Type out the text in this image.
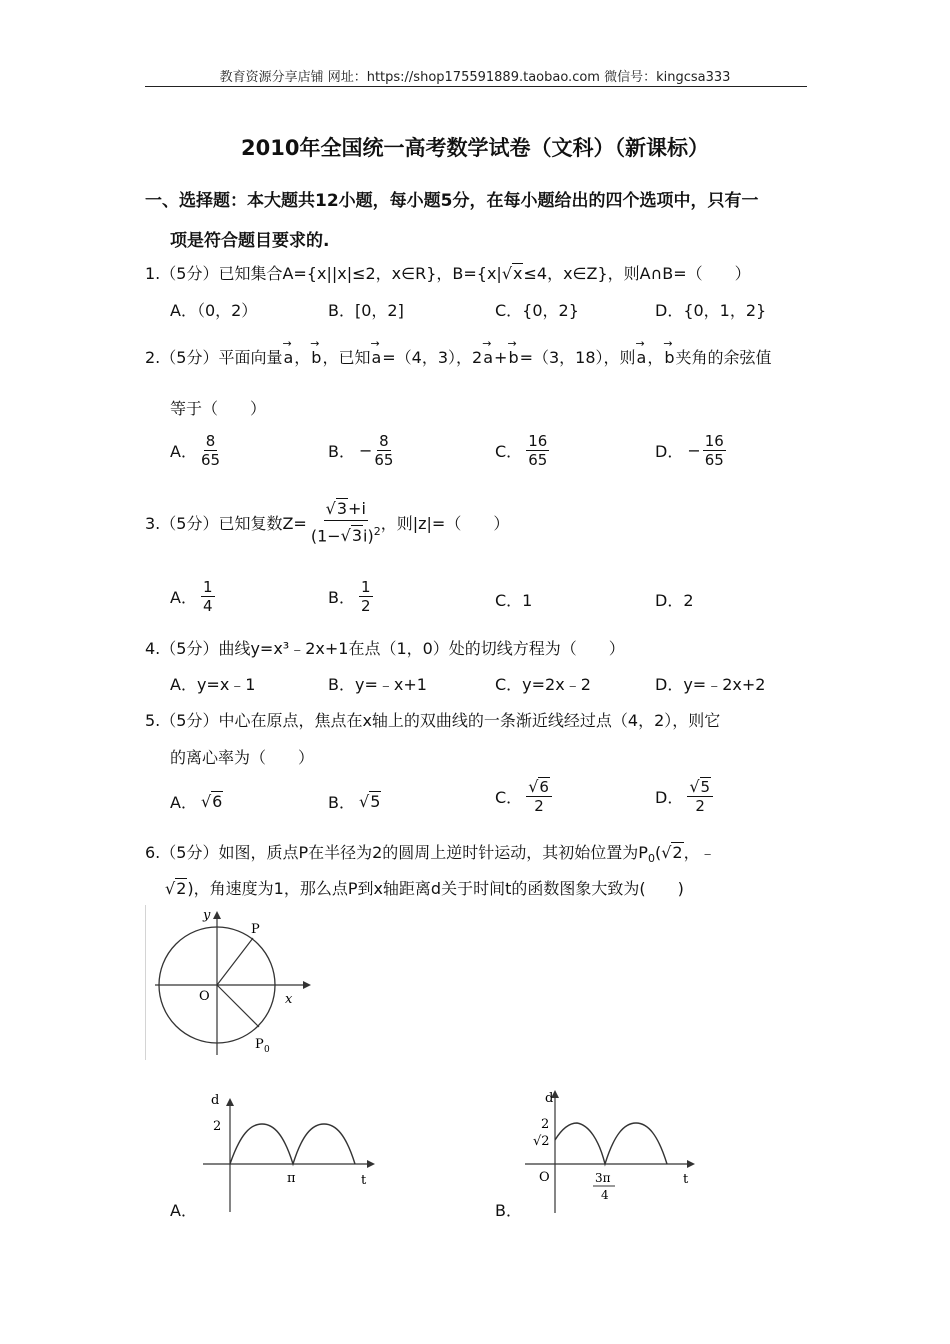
教育资源分享店铺 网址：https://shop175591889.taobao.com 微信号：kingcsa333
2010年全国统一高考数学试卷（文科）（新课标）
一、选择题：本大题共12小题，每小题5分，在每小题给出的四个选项中，只有一
项是符合题目要求的.
1.（5分）已知集合A={x||x|≤2，x∈R}，B={x|√x≤4，x∈Z}，则A∩B=（　　）
A．（0，2）	B．[0，2]	C．{0，2}	D．{0，1，2}
2.（5分）平面向量→ a，→ b，已知→ a=（4，3），2→ a+→ b=（3，18），则→ a，→ b夹角的余弦值
等于（　　）
A． $\frac{8}{65}$	B． − $\frac{8}{65}$	C． $\frac{16}{65}$	D． − $\frac{16}{65}$
3.（5分）已知复数$Z= \frac{√3+i}{(1-√3i)^2}$ ，则|z|=（　　）
A． $\frac{1}{4}$	B． $\frac{1}{2}$	C．1	D．2
4.（5分）曲线y=x³﹣2x+1在点（1，0）处的切线方程为（　　）
A．y=x﹣1	B．y=﹣x+1	C．y=2x﹣2	D．y=﹣2x+2
5.（5分）中心在原点，焦点在x轴上的双曲线的一条渐近线经过点（4，2），则它
的离心率为（　　）
A． √6	B． √5	C． $\frac{√6}{2}$	D． $\frac{√5}{2}$
6.（5分）如图，质点P在半径为2的圆周上逆时针运动，其初始位置为$P_0(√2$，﹣
√2)，角速度为1，那么点P到x轴距离d关于时间t的函数图象大致为(　　)
y
x
O
P
P 0
d
2
π	t
A．
d
2
√2
O	3π
4
t
B．
